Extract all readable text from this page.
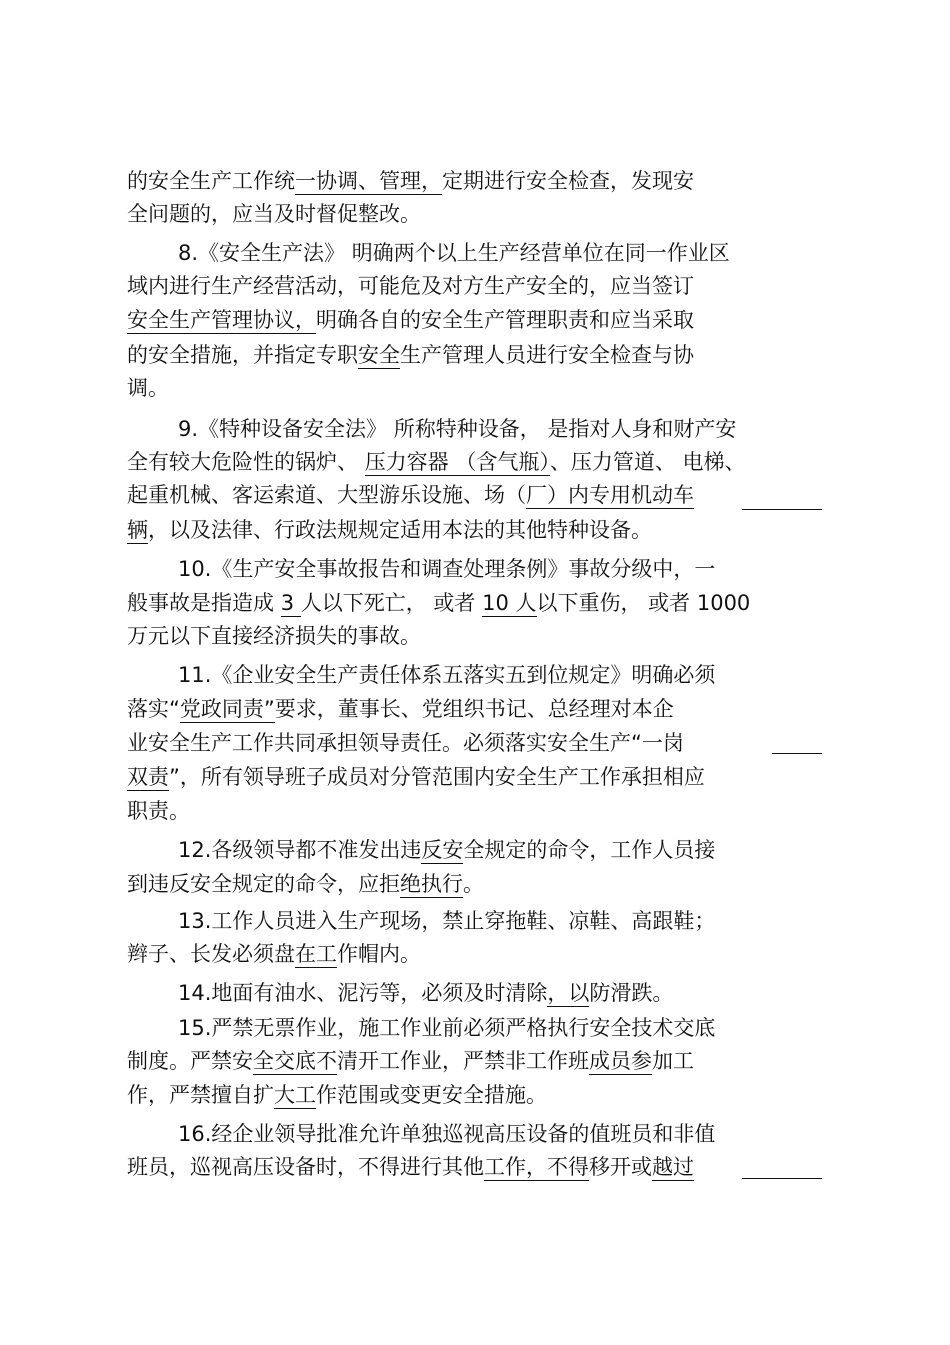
的安全生产工作统一协调、管理，定期进行安全检查，发现安
全问题的，应当及时督促整改。
8.《安全生产法》 明确两个以上生产经营单位在同一作业区
域内进行生产经营活动，可能危及对方生产安全的，应当签订
安全生产管理协议，明确各自的安全生产管理职责和应当采取
的安全措施，并指定专职安全生产管理人员进行安全检查与协
调。
9.《特种设备安全法》 所称特种设备， 是指对人身和财产安
全有较大危险性的锅炉、 压力容器 （含气瓶）、压力管道、 电梯、
起重机械、客运索道、大型游乐设施、场（厂）内专用机动车
辆，以及法律、行政法规规定适用本法的其他特种设备。
10.《生产安全事故报告和调查处理条例》事故分级中，一
般事故是指造成 3 人以下死亡， 或者 10 人以下重伤， 或者 1000
万元以下直接经济损失的事故。
11.《企业安全生产责任体系五落实五到位规定》明确必须
落实“党政同责”要求，董事长、党组织书记、总经理对本企
业安全生产工作共同承担领导责任。必须落实安全生产“一岗
双责”，所有领导班子成员对分管范围内安全生产工作承担相应
职责。
12.各级领导都不准发出违反安全规定的命令，工作人员接
到违反安全规定的命令，应拒绝执行。
13.工作人员进入生产现场，禁止穿拖鞋、凉鞋、高跟鞋；
辫子、长发必须盘在工作帽内。
14.地面有油水、泥污等，必须及时清除，以防滑跌。
15.严禁无票作业，施工作业前必须严格执行安全技术交底
制度。严禁安全交底不清开工作业，严禁非工作班成员参加工
作，严禁擅自扩大工作范围或变更安全措施。
16.经企业领导批准允许单独巡视高压设备的值班员和非值
班员，巡视高压设备时，不得进行其他工作，不得移开或越过
